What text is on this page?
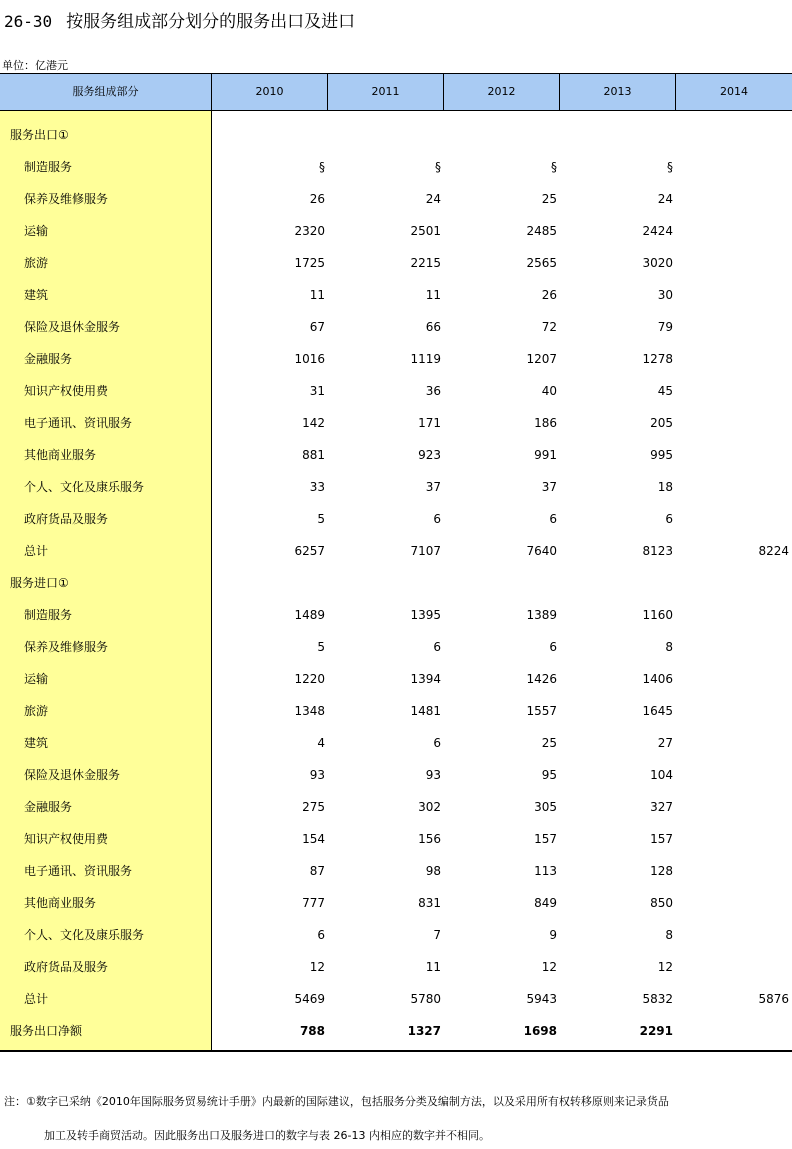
26-30 按服务组成部分划分的服务出口及进口
单位：亿港元
服务组成部分	2010	2011	2012	2013	2014
服务出口①
制造服务	§	§	§	§
保养及维修服务	26	24	25	24
运输	2320	2501	2485	2424
旅游	1725	2215	2565	3020
建筑	11	11	26	30
保险及退休金服务	67	66	72	79
金融服务	1016	1119	1207	1278
知识产权使用费	31	36	40	45
电子通讯、资讯服务	142	171	186	205
其他商业服务	881	923	991	995
个人、文化及康乐服务	33	37	37	18
政府货品及服务	5	6	6	6
总计	6257	7107	7640	8123	8224
服务进口①
制造服务	1489	1395	1389	1160
保养及维修服务	5	6	6	8
运输	1220	1394	1426	1406
旅游	1348	1481	1557	1645
建筑	4	6	25	27
保险及退休金服务	93	93	95	104
金融服务	275	302	305	327
知识产权使用费	154	156	157	157
电子通讯、资讯服务	87	98	113	128
其他商业服务	777	831	849	850
个人、文化及康乐服务	6	7	9	8
政府货品及服务	12	11	12	12
总计	5469	5780	5943	5832	5876
服务出口净额	788	1327	1698	2291
注：①数字已采纳《2010年国际服务贸易统计手册》内最新的国际建议，包括服务分类及编制方法，以及采用所有权转移原则来记录货品
加工及转手商贸活动。因此服务出口及服务进口的数字与表 26-13 内相应的数字并不相同。
